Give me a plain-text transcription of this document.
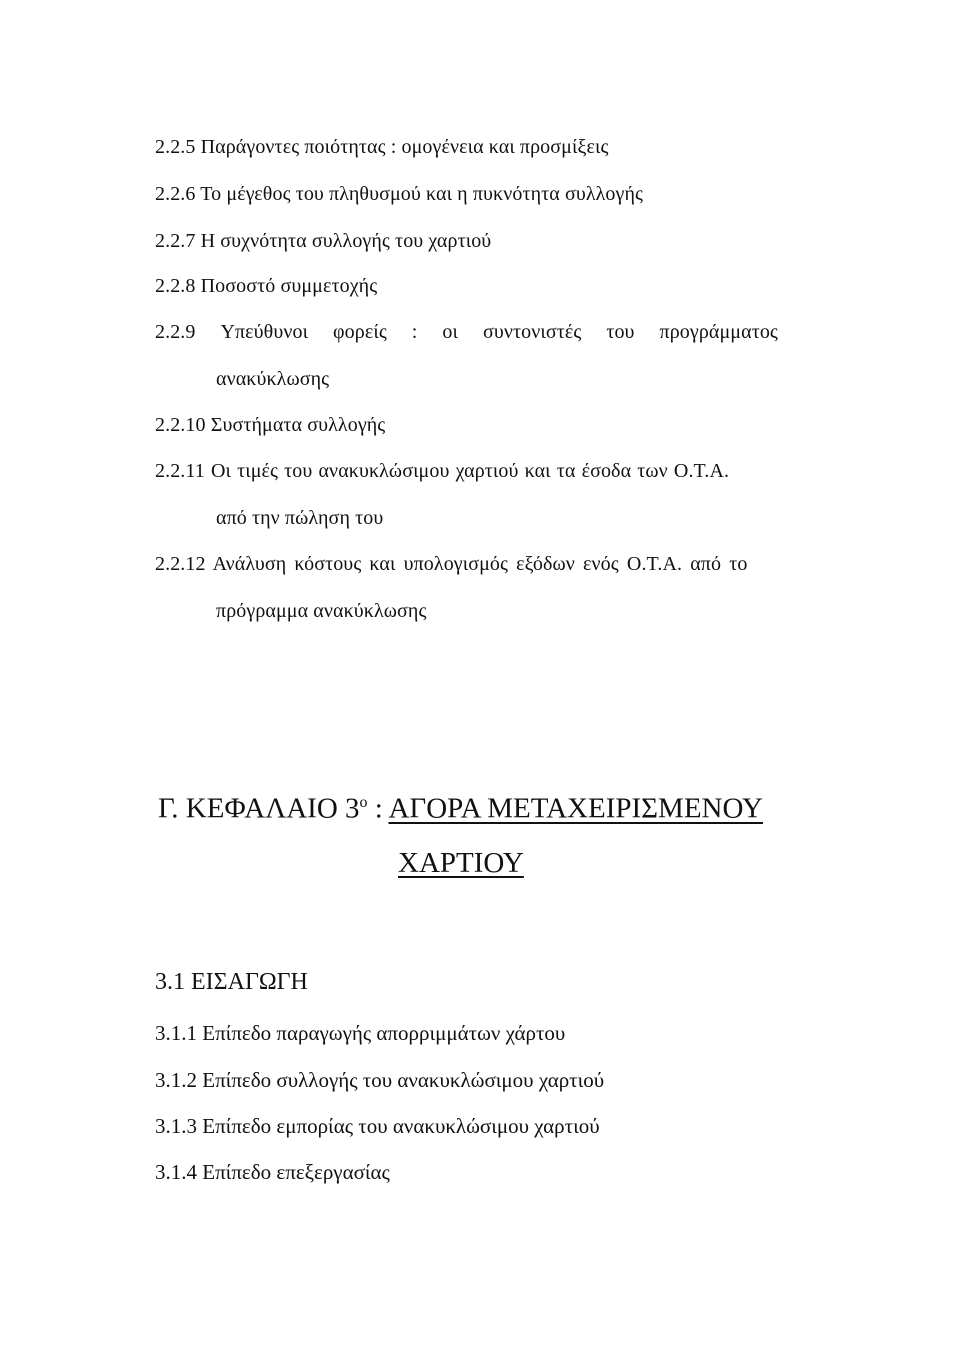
2.2.5 Παράγοντες ποιότητας : ομογένεια και προσμίξεις
2.2.6 Το μέγεθος του πληθυσμού και η πυκνότητα συλλογής
2.2.7 Η συχνότητα συλλογής του χαρτιού
2.2.8 Ποσοστό συμμετοχής
2.2.9 Υπεύθυνοι φορείς : οι συντονιστές του προγράμματος
ανακύκλωσης
2.2.10 Συστήματα συλλογής
2.2.11 Οι τιμές του ανακυκλώσιμου χαρτιού και τα έσοδα των Ο.Τ.Α.
από την πώληση του
2.2.12 Ανάλυση κόστους και υπολογισμός εξόδων ενός Ο.Τ.Α. από το
πρόγραμμα ανακύκλωσης
Γ. ΚΕΦΑΛΑΙΟ $3^o$ : ΑΓΟΡΑ ΜΕΤΑΧΕΙΡΙΣΜΕΝΟΥ
ΧΑΡΤΙΟΥ
3.1 ΕΙΣΑΓΩΓΗ
3.1.1 Επίπεδο παραγωγής απορριμμάτων χάρτου
3.1.2 Επίπεδο συλλογής του ανακυκλώσιμου χαρτιού
3.1.3 Επίπεδο εμπορίας του ανακυκλώσιμου χαρτιού
3.1.4 Επίπεδο επεξεργασίας
